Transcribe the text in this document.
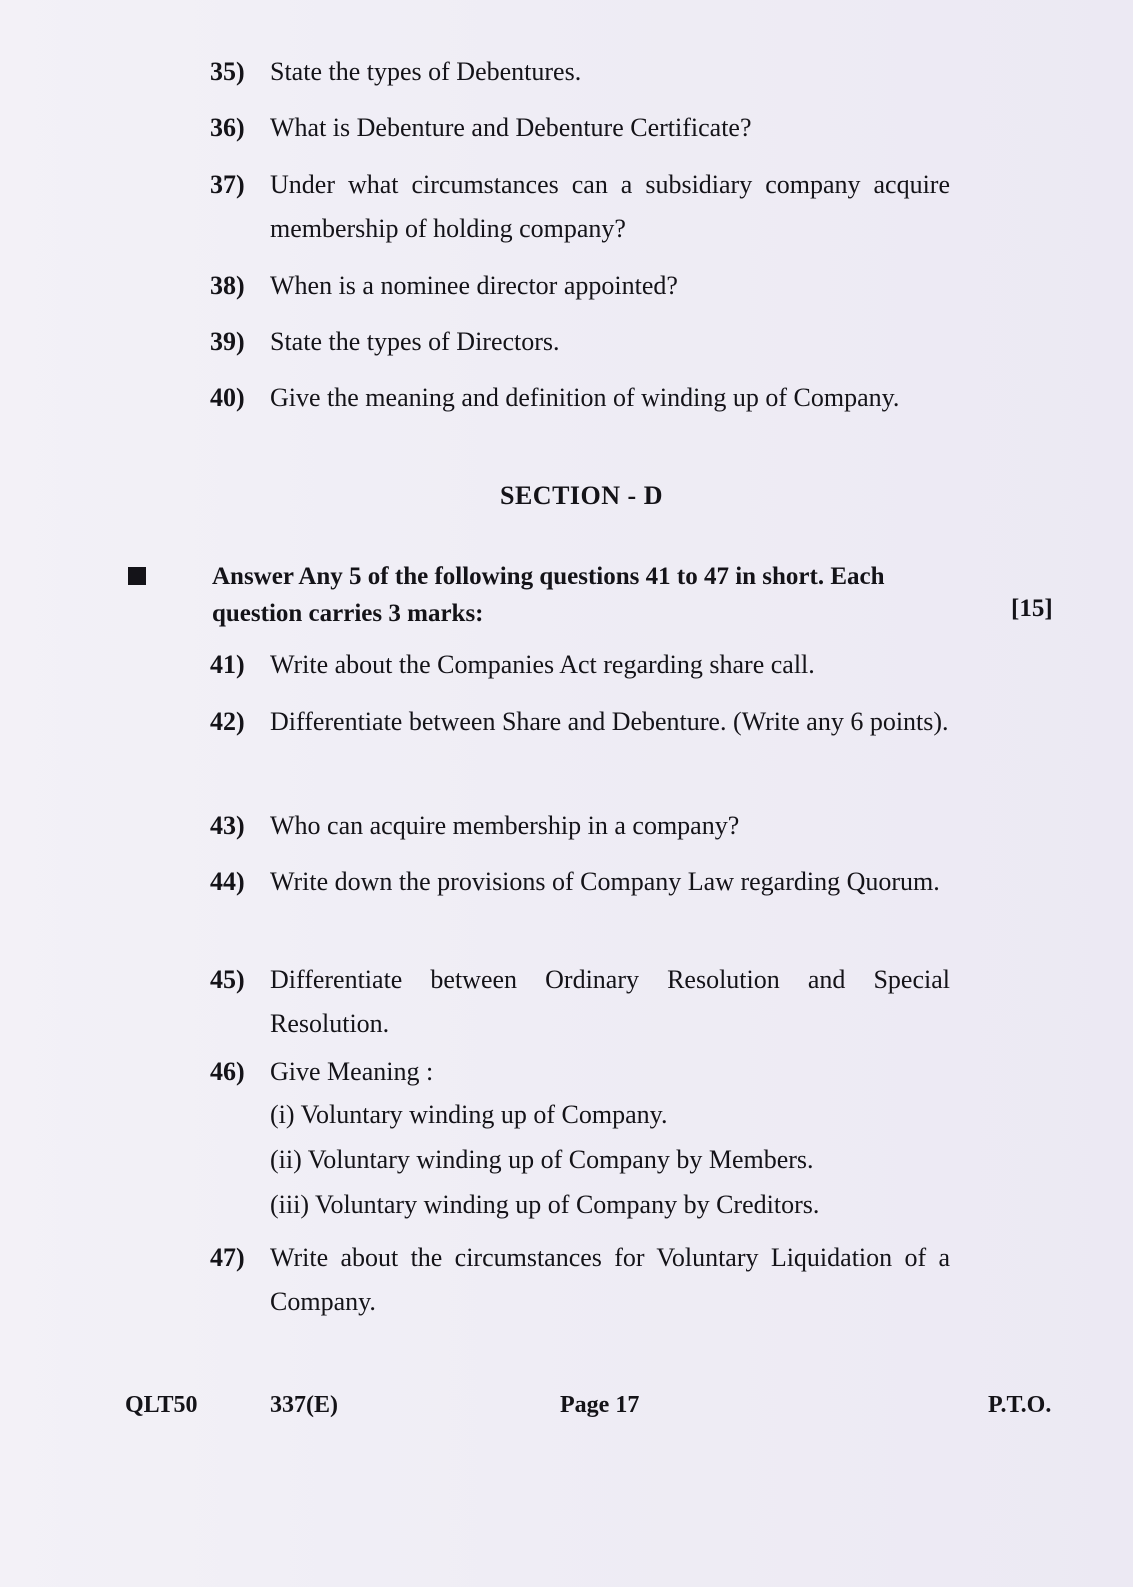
35) State the types of Debentures.
36) What is Debenture and Debenture Certificate?
37) Under what circumstances can a subsidiary company acquire membership of holding company?
38) When is a nominee director appointed?
39) State the types of Directors.
40) Give the meaning and definition of winding up of Company.
SECTION - D
Answer Any 5 of the following questions 41 to 47 in short. Each question carries 3 marks:	[15]
41) Write about the Companies Act regarding share call.
42) Differentiate between Share and Debenture. (Write any 6 points).
43) Who can acquire membership in a company?
44) Write down the provisions of Company Law regarding Quorum.
45) Differentiate between Ordinary Resolution and Special Resolution.
46) Give Meaning :
(i) Voluntary winding up of Company.
(ii) Voluntary winding up of Company by Members.
(iii) Voluntary winding up of Company by Creditors.
47) Write about the circumstances for Voluntary Liquidation of a Company.
QLT50	337(E)	Page 17	P.T.O.
